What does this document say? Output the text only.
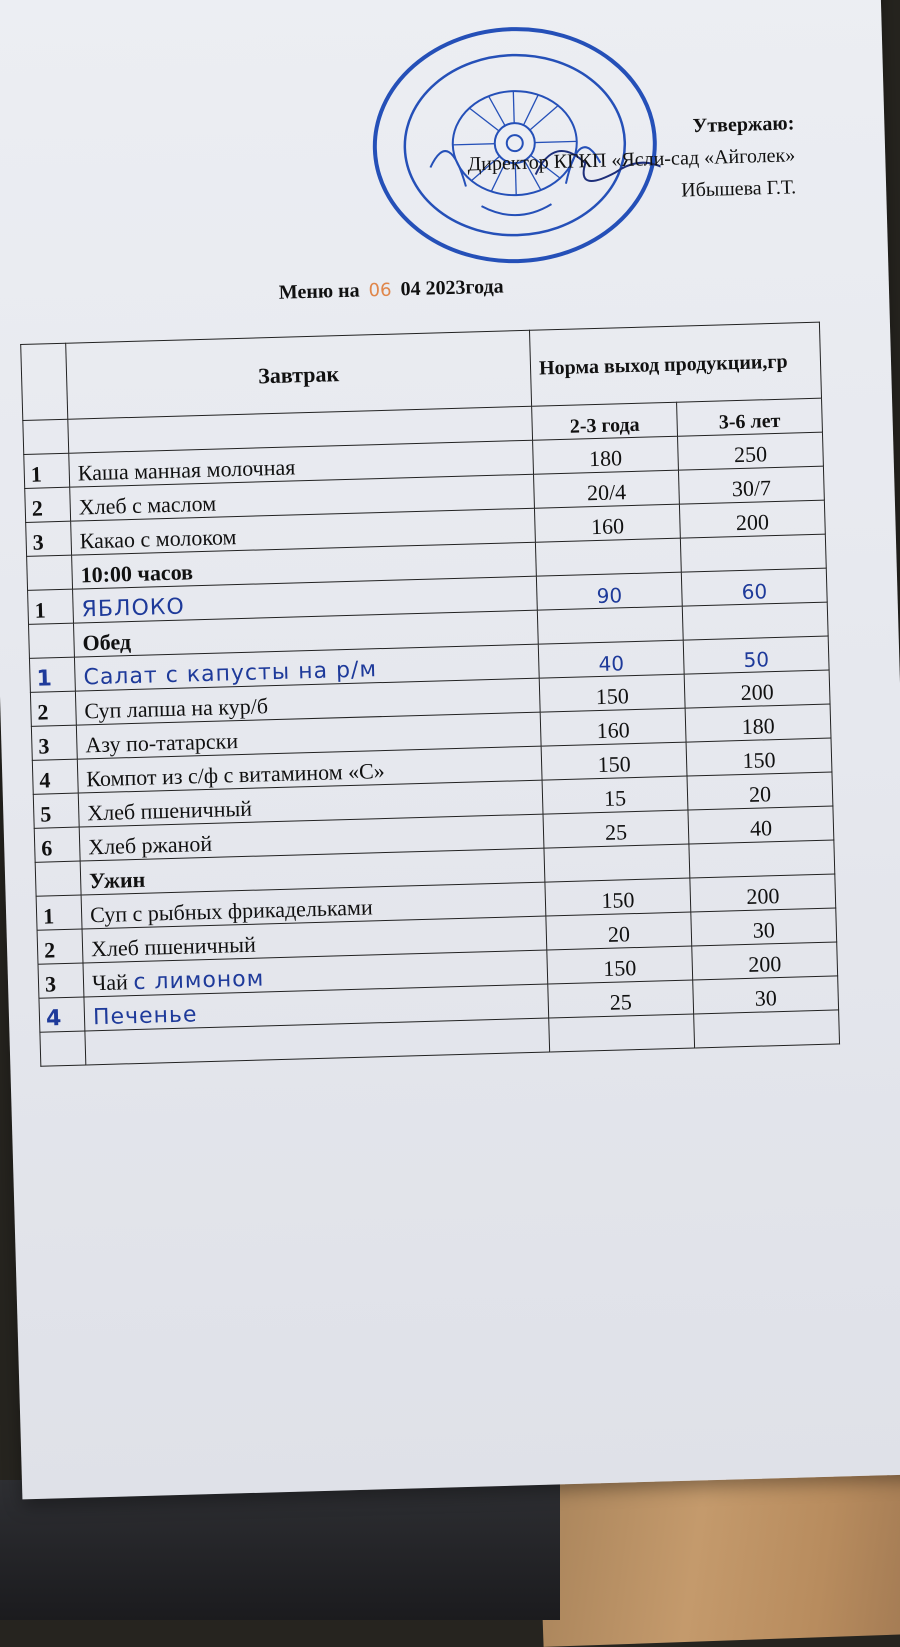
Утвержаю:
Директор КГКП «Ясли-сад «Айголек»
Ибышева Г.Т.
Меню на 06 04 2023года
	Завтрак	Норма выход продукции,гр	
		2-3 года	3-6 лет
1	Каша манная молочная	180	250
2	Хлеб с маслом	20/4	30/7
3	Какао с молоком	160	200
	10:00 часов		
1	ЯБЛОКО	90	60
	Обед		
1	Салат с капусты на р/м	40	50
2	Суп лапша на кур/б	150	200
3	Азу по-татарски	160	180
4	Компот из с/ф с витамином «С»	150	150
5	Хлеб пшеничный	15	20
6	Хлеб ржаной	25	40
	Ужин		
1	Суп с рыбных фрикадельками	150	200
2	Хлеб пшеничный	20	30
3	Чай с лимоном	150	200
4	Печенье	25	30
